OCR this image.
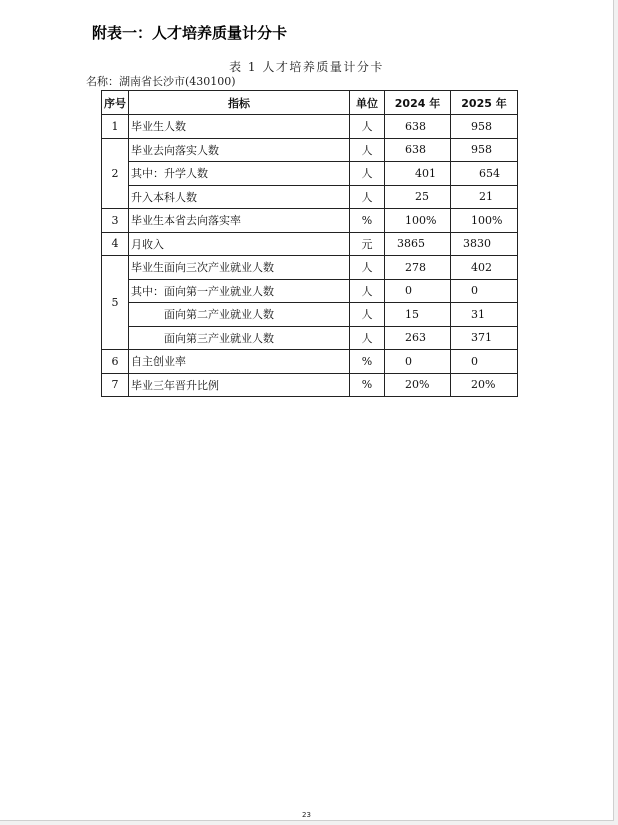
附表一：人才培养质量计分卡
表 1 人才培养质量计分卡
名称：湖南省长沙市(430100)
序号	指标	单位	2024 年	2025 年
1	毕业生人数	人	638	958
2	毕业去向落实人数	人	638	958
	其中：升学人数	人	401	654
	升入本科人数	人	25	21
3	毕业生本省去向落实率	%	100%	100%
4	月收入	元	3865	3830
5	毕业生面向三次产业就业人数	人	278	402
	其中：面向第一产业就业人数	人	0	0
	面向第二产业就业人数	人	15	31
	面向第三产业就业人数	人	263	371
6	自主创业率	%	0	0
7	毕业三年晋升比例	%	20%	20%
23
